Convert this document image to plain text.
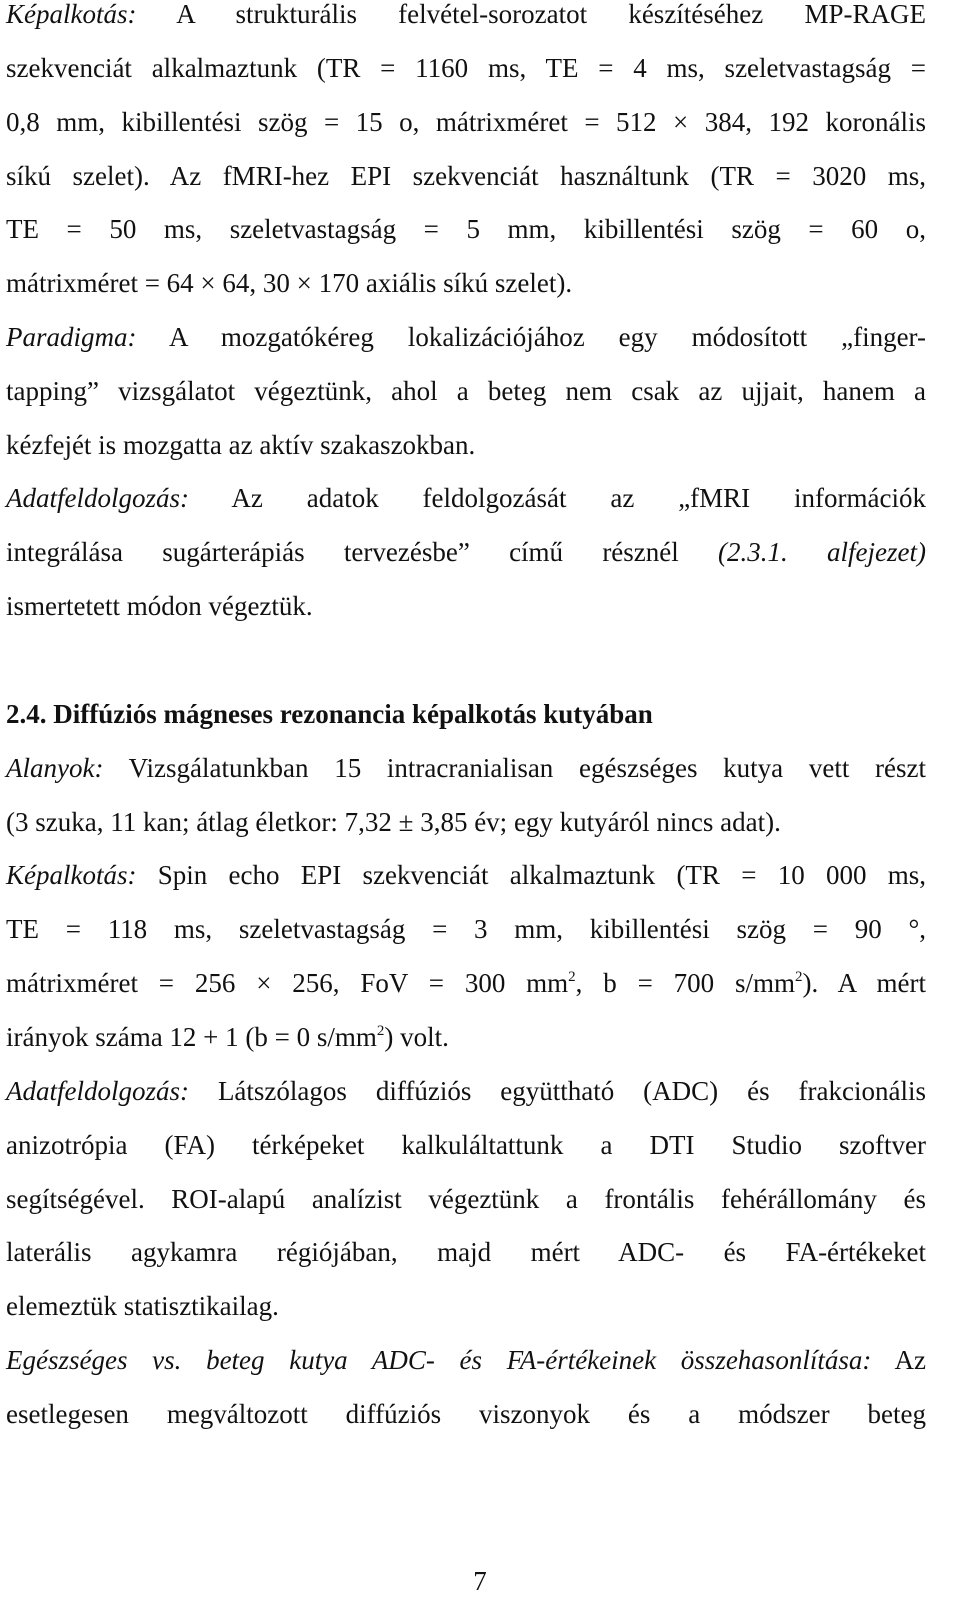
Képalkotás: A strukturális felvétel-sorozatot készítéséhez MP-RAGE
szekvenciát alkalmaztunk (TR = 1160 ms, TE = 4 ms, szeletvastagság =
0,8 mm, kibillentési szög = 15 o, mátrixméret = 512 × 384, 192 koronális
síkú szelet). Az fMRI-hez EPI szekvenciát használtunk (TR = 3020 ms,
TE = 50 ms, szeletvastagság = 5 mm, kibillentési szög = 60 o,
mátrixméret = 64 × 64, 30 × 170 axiális síkú szelet).
Paradigma: A mozgatókéreg lokalizációjához egy módosított „finger-
tapping” vizsgálatot végeztünk, ahol a beteg nem csak az ujjait, hanem a
kézfejét is mozgatta az aktív szakaszokban.
Adatfeldolgozás: Az adatok feldolgozását az „fMRI információk
integrálása sugárterápiás tervezésbe” című résznél (2.3.1. alfejezet)
ismertetett módon végeztük.
2.4. Diffúziós mágneses rezonancia képalkotás kutyában
Alanyok: Vizsgálatunkban 15 intracranialisan egészséges kutya vett részt
(3 szuka, 11 kan; átlag életkor: 7,32 ± 3,85 év; egy kutyáról nincs adat).
Képalkotás: Spin echo EPI szekvenciát alkalmaztunk (TR = 10 000 ms,
TE = 118 ms, szeletvastagság = 3 mm, kibillentési szög = 90 °,
mátrixméret = 256 × 256, FoV = 300 $mm^2$, b = 700 $s/mm^2$). A mért
irányok száma 12 + 1 (b = 0 $s/mm^2$) volt.
Adatfeldolgozás: Látszólagos diffúziós együttható (ADC) és frakcionális
anizotrópia (FA) térképeket kalkuláltattunk a DTI Studio szoftver
segítségével. ROI-alapú analízist végeztünk a frontális fehérállomány és
laterális agykamra régiójában, majd mért ADC- és FA-értékeket
elemeztük statisztikailag.
Egészséges vs. beteg kutya ADC- és FA-értékeinek összehasonlítása: Az
esetlegesen megváltozott diffúziós viszonyok és a módszer beteg
7
